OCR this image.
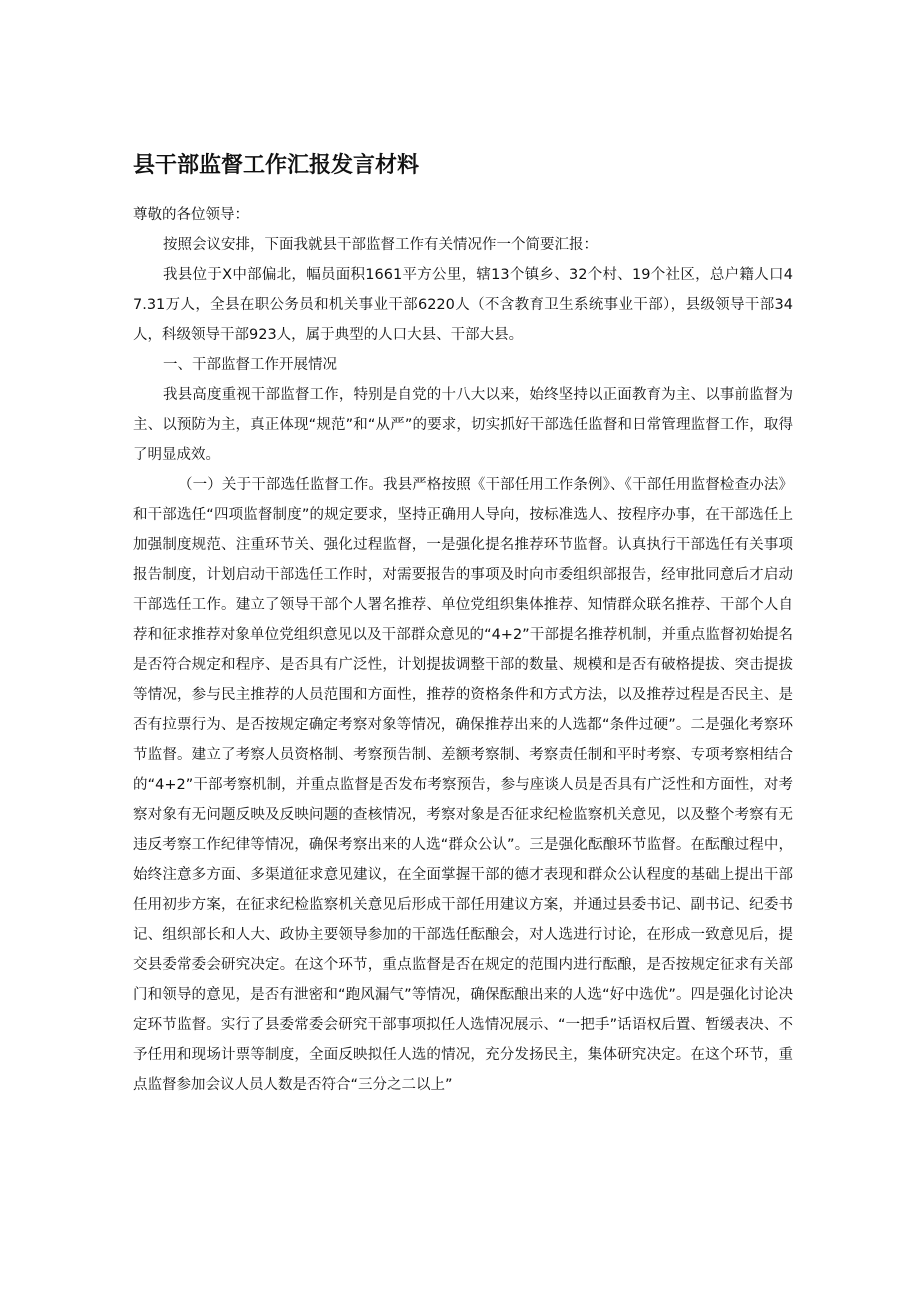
县干部监督工作汇报发言材料

尊敬的各位领导：

按照会议安排，下面我就县干部监督工作有关情况作一个简要汇报：

我县位于X中部偏北，幅员面积1661平方公里，辖13个镇乡、32个村、19个社区，总户籍人口47.31万人，全县在职公务员和机关事业干部6220人（不含教育卫生系统事业干部），县级领导干部34人，科级领导干部923人，属于典型的人口大县、干部大县。

一、干部监督工作开展情况

我县高度重视干部监督工作，特别是自党的十八大以来，始终坚持以正面教育为主、以事前监督为主、以预防为主，真正体现“规范”和“从严”的要求，切实抓好干部选任监督和日常管理监督工作，取得了明显成效。

（一）关于干部选任监督工作。我县严格按照《干部任用工作条例》、《干部任用监督检查办法》和干部选任“四项监督制度”的规定要求，坚持正确用人导向，按标准选人、按程序办事，在干部选任上加强制度规范、注重环节关、强化过程监督，一是强化提名推荐环节监督。认真执行干部选任有关事项报告制度，计划启动干部选任工作时，对需要报告的事项及时向市委组织部报告，经审批同意后才启动干部选任工作。建立了领导干部个人署名推荐、单位党组织集体推荐、知情群众联名推荐、干部个人自荐和征求推荐对象单位党组织意见以及干部群众意见的“4+2”干部提名推荐机制，并重点监督初始提名是否符合规定和程序、是否具有广泛性，计划提拔调整干部的数量、规模和是否有破格提拔、突击提拔等情况，参与民主推荐的人员范围和方面性，推荐的资格条件和方式方法，以及推荐过程是否民主、是否有拉票行为、是否按规定确定考察对象等情况，确保推荐出来的人选都“条件过硬”。二是强化考察环节监督。建立了考察人员资格制、考察预告制、差额考察制、考察责任制和平时考察、专项考察相结合的“4+2”干部考察机制，并重点监督是否发布考察预告，参与座谈人员是否具有广泛性和方面性，对考察对象有无问题反映及反映问题的查核情况，考察对象是否征求纪检监察机关意见，以及整个考察有无违反考察工作纪律等情况，确保考察出来的人选“群众公认”。三是强化酝酿环节监督。在酝酿过程中，始终注意多方面、多渠道征求意见建议，在全面掌握干部的德才表现和群众公认程度的基础上提出干部任用初步方案，在征求纪检监察机关意见后形成干部任用建议方案，并通过县委书记、副书记、纪委书记、组织部长和人大、政协主要领导参加的干部选任酝酿会，对人选进行讨论，在形成一致意见后，提交县委常委会研究决定。在这个环节，重点监督是否在规定的范围内进行酝酿，是否按规定征求有关部门和领导的意见，是否有泄密和“跑风漏气”等情况，确保酝酿出来的人选“好中选优”。四是强化讨论决定环节监督。实行了县委常委会研究干部事项拟任人选情况展示、“一把手”话语权后置、暂缓表决、不予任用和现场计票等制度，全面反映拟任人选的情况，充分发扬民主，集体研究决定。在这个环节，重点监督参加会议人员人数是否符合“三分之二以上”
